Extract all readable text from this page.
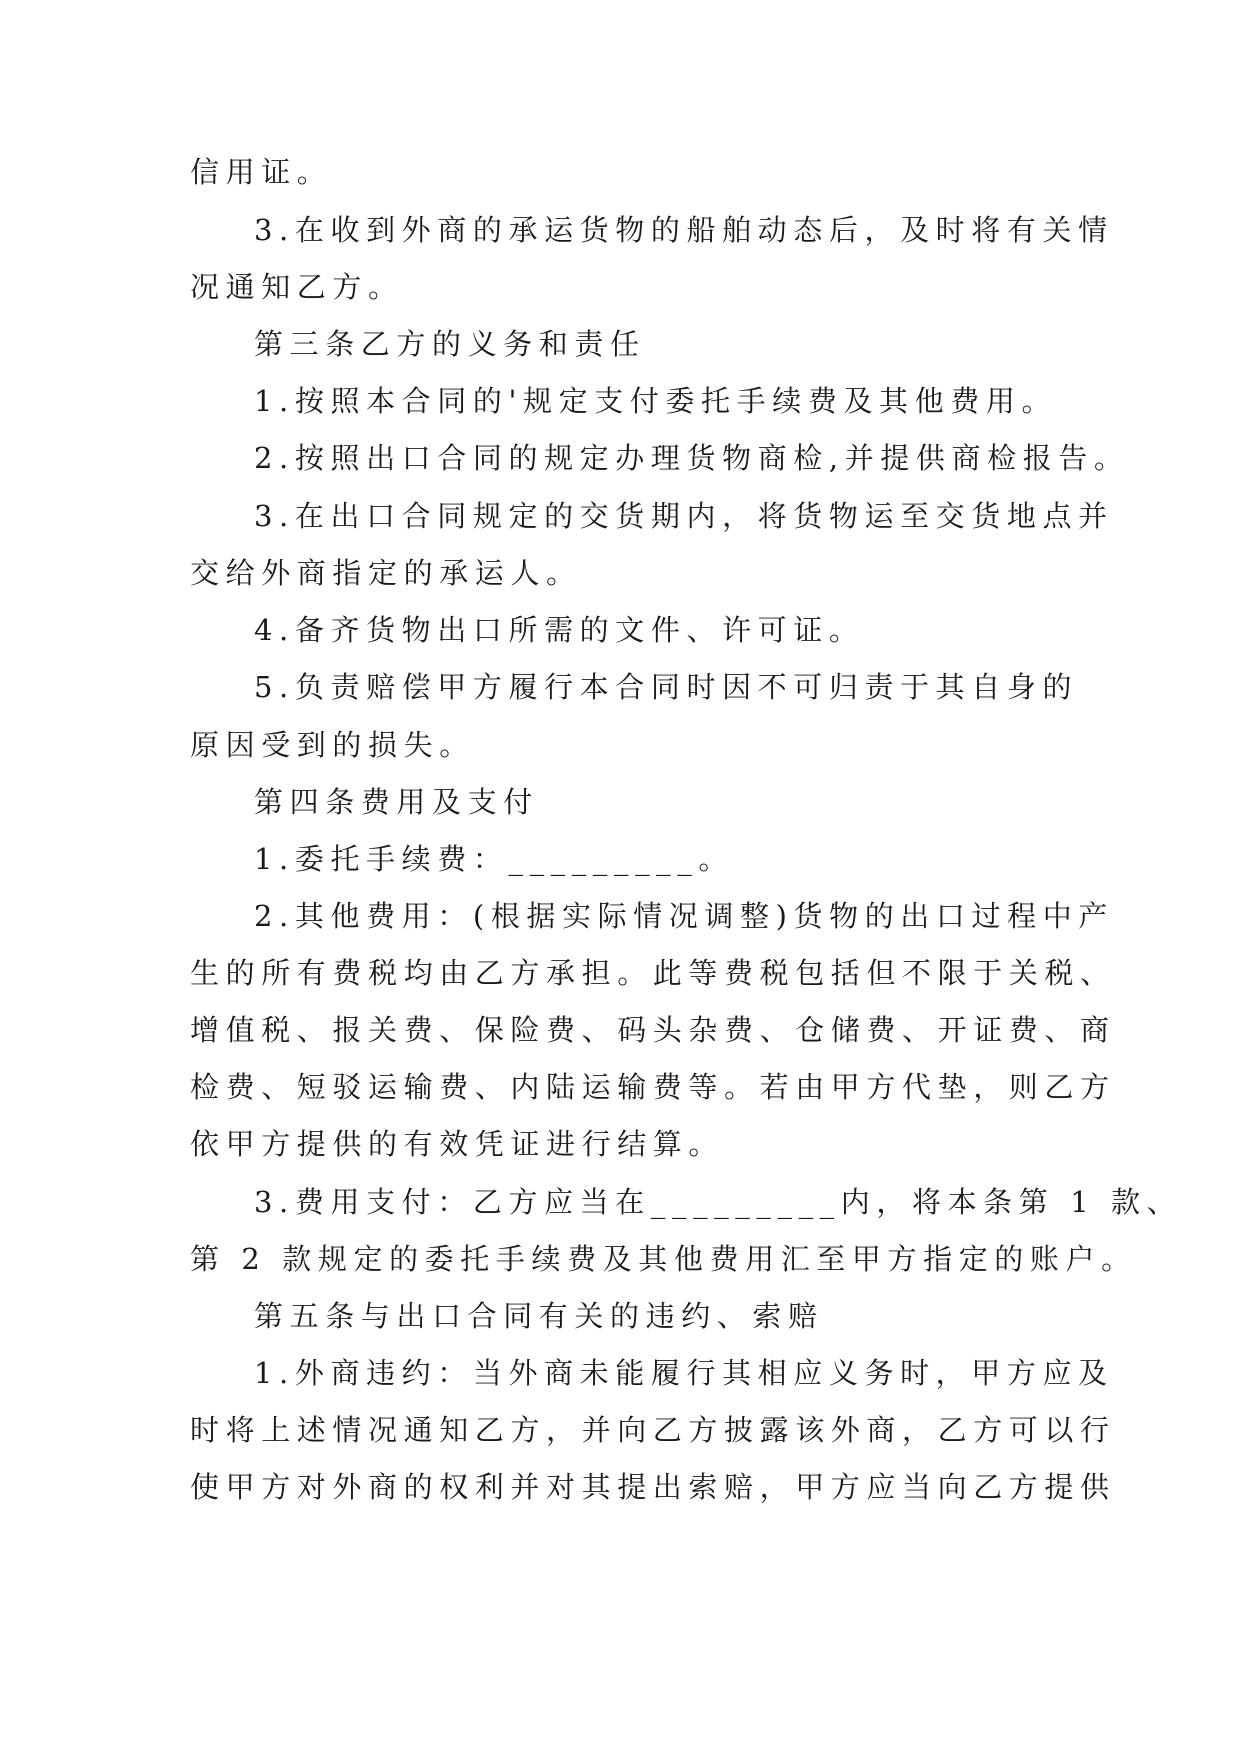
信用证。
3.在收到外商的承运货物的船舶动态后，及时将有关情
况通知乙方。
第三条乙方的义务和责任
1.按照本合同的'规定支付委托手续费及其他费用。
2.按照出口合同的规定办理货物商检,并提供商检报告。
3.在出口合同规定的交货期内，将货物运至交货地点并
交给外商指定的承运人。
4.备齐货物出口所需的文件、许可证。
5.负责赔偿甲方履行本合同时因不可归责于其自身的
原因受到的损失。
第四条费用及支付
1.委托手续费：_________。
2.其他费用：(根据实际情况调整)货物的出口过程中产
生的所有费税均由乙方承担。此等费税包括但不限于关税、
增值税、报关费、保险费、码头杂费、仓储费、开证费、商
检费、短驳运输费、内陆运输费等。若由甲方代垫，则乙方
依甲方提供的有效凭证进行结算。
3.费用支付：乙方应当在_________内，将本条第 1 款、
第 2 款规定的委托手续费及其他费用汇至甲方指定的账户。
第五条与出口合同有关的违约、索赔
1.外商违约：当外商未能履行其相应义务时，甲方应及
时将上述情况通知乙方，并向乙方披露该外商，乙方可以行
使甲方对外商的权利并对其提出索赔，甲方应当向乙方提供
